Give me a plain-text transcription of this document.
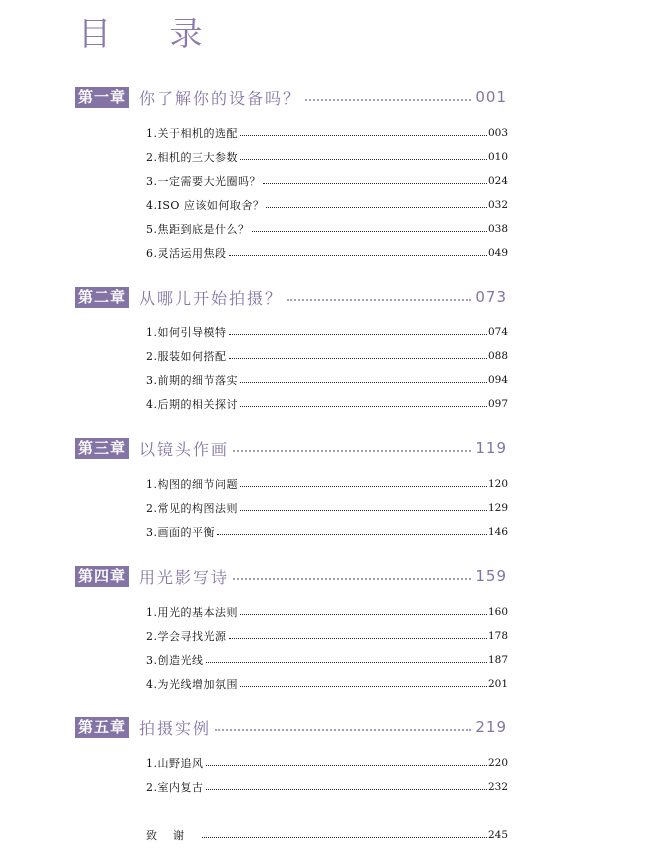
目 录
第一章 你了解你的设备吗？	001
1.关于相机的选配	003
2.相机的三大参数	010
3.一定需要大光圈吗？	024
4.ISO 应该如何取舍？	032
5.焦距到底是什么？	038
6.灵活运用焦段	049
第二章 从哪儿开始拍摄？	073
1.如何引导模特	074
2.服装如何搭配	088
3.前期的细节落实	094
4.后期的相关探讨	097
第三章 以镜头作画	119
1.构图的细节问题	120
2.常见的构图法则	129
3.画面的平衡	146
第四章 用光影写诗	159
1.用光的基本法则	160
2.学会寻找光源	178
3.创造光线	187
4.为光线增加氛围	201
第五章 拍摄实例	219
1.山野追风	220
2.室内复古	232
致谢	245
